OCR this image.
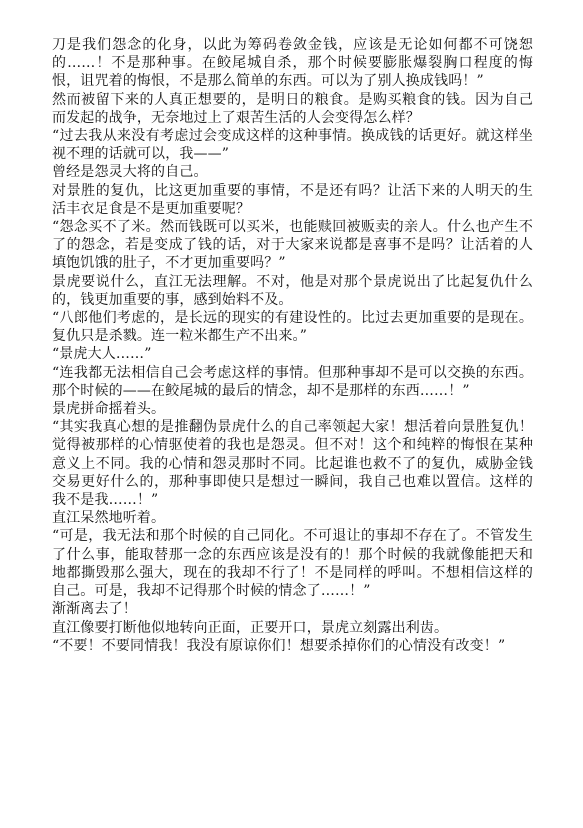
刀是我们怨念的化身，以此为筹码卷敛金钱，应该是无论如何都不可饶恕的……！不是那种事。在鲛尾城自杀，那个时候要膨胀爆裂胸口程度的悔恨，诅咒着的悔恨，不是那么简单的东西。可以为了别人换成钱吗！”

然而被留下来的人真正想要的，是明日的粮食。是购买粮食的钱。因为自己而发起的战争，无奈地过上了艰苦生活的人会变得怎么样？

“过去我从来没有考虑过会变成这样的这种事情。换成钱的话更好。就这样坐视不理的话就可以，我——”

曾经是怨灵大将的自己。

对景胜的复仇，比这更加重要的事情，不是还有吗？让活下来的人明天的生活丰衣足食是不是更加重要呢？

“怨念买不了米。然而钱既可以买米，也能赎回被贩卖的亲人。什么也产生不了的怨念，若是变成了钱的话，对于大家来说都是喜事不是吗？让活着的人填饱饥饿的肚子，不才更加重要吗？”

景虎要说什么，直江无法理解。不对，他是对那个景虎说出了比起复仇什么的，钱更加重要的事，感到始料不及。

“八郎他们考虑的，是长远的现实的有建设性的。比过去更加重要的是现在。复仇只是杀戮。连一粒米都生产不出来。”

“景虎大人……”

“连我都无法相信自己会考虑这样的事情。但那种事却不是可以交换的东西。那个时候的——在鲛尾城的最后的情念，却不是那样的东西……！”

景虎拼命摇着头。

“其实我真心想的是推翻伪景虎什么的自己率领起大家！想活着向景胜复仇！觉得被那样的心情驱使着的我也是怨灵。但不对！这个和纯粹的悔恨在某种意义上不同。我的心情和怨灵那时不同。比起谁也救不了的复仇，威胁金钱交易更好什么的，那种事即使只是想过一瞬间，我自己也难以置信。这样的我不是我……！”

直江呆然地听着。

“可是，我无法和那个时候的自己同化。不可退让的事却不存在了。不管发生了什么事，能取替那一念的东西应该是没有的！那个时候的我就像能把天和地都撕毁那么强大，现在的我却不行了！不是同样的呼叫。不想相信这样的自己。可是，我却不记得那个时候的情念了……！”

渐渐离去了！

直江像要打断他似地转向正面，正要开口，景虎立刻露出利齿。

“不要！不要同情我！我没有原谅你们！想要杀掉你们的心情没有改变！”
